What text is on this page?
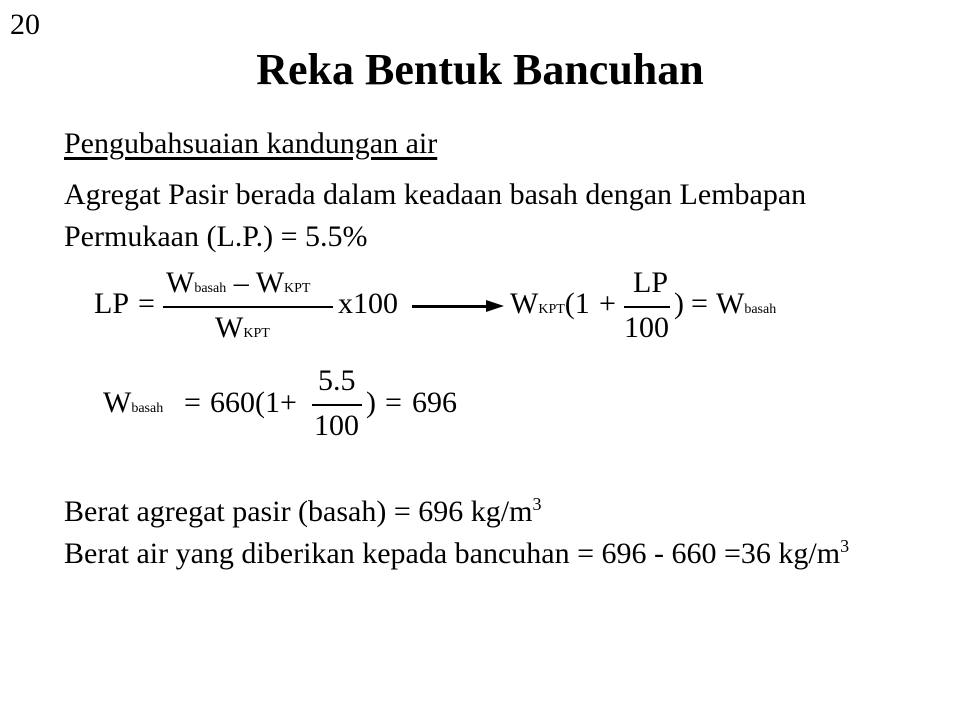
20
Reka Bentuk Bancuhan
Pengubahsuaian kandungan air
Agregat Pasir berada dalam keadaan basah dengan Lembapan
Permukaan (L.P.) = 5.5%
LP =
Wbasah – WKPT
WKPT
x100	WKPT(1 +
LP
100
) = Wbasah
Wbasah = 660(1+
5.5
100
) = 696
Berat agregat pasir (basah) = 696 $kg/m^3$
Berat air yang diberikan kepada bancuhan = 696 - 660 =36 $kg/m^3$
